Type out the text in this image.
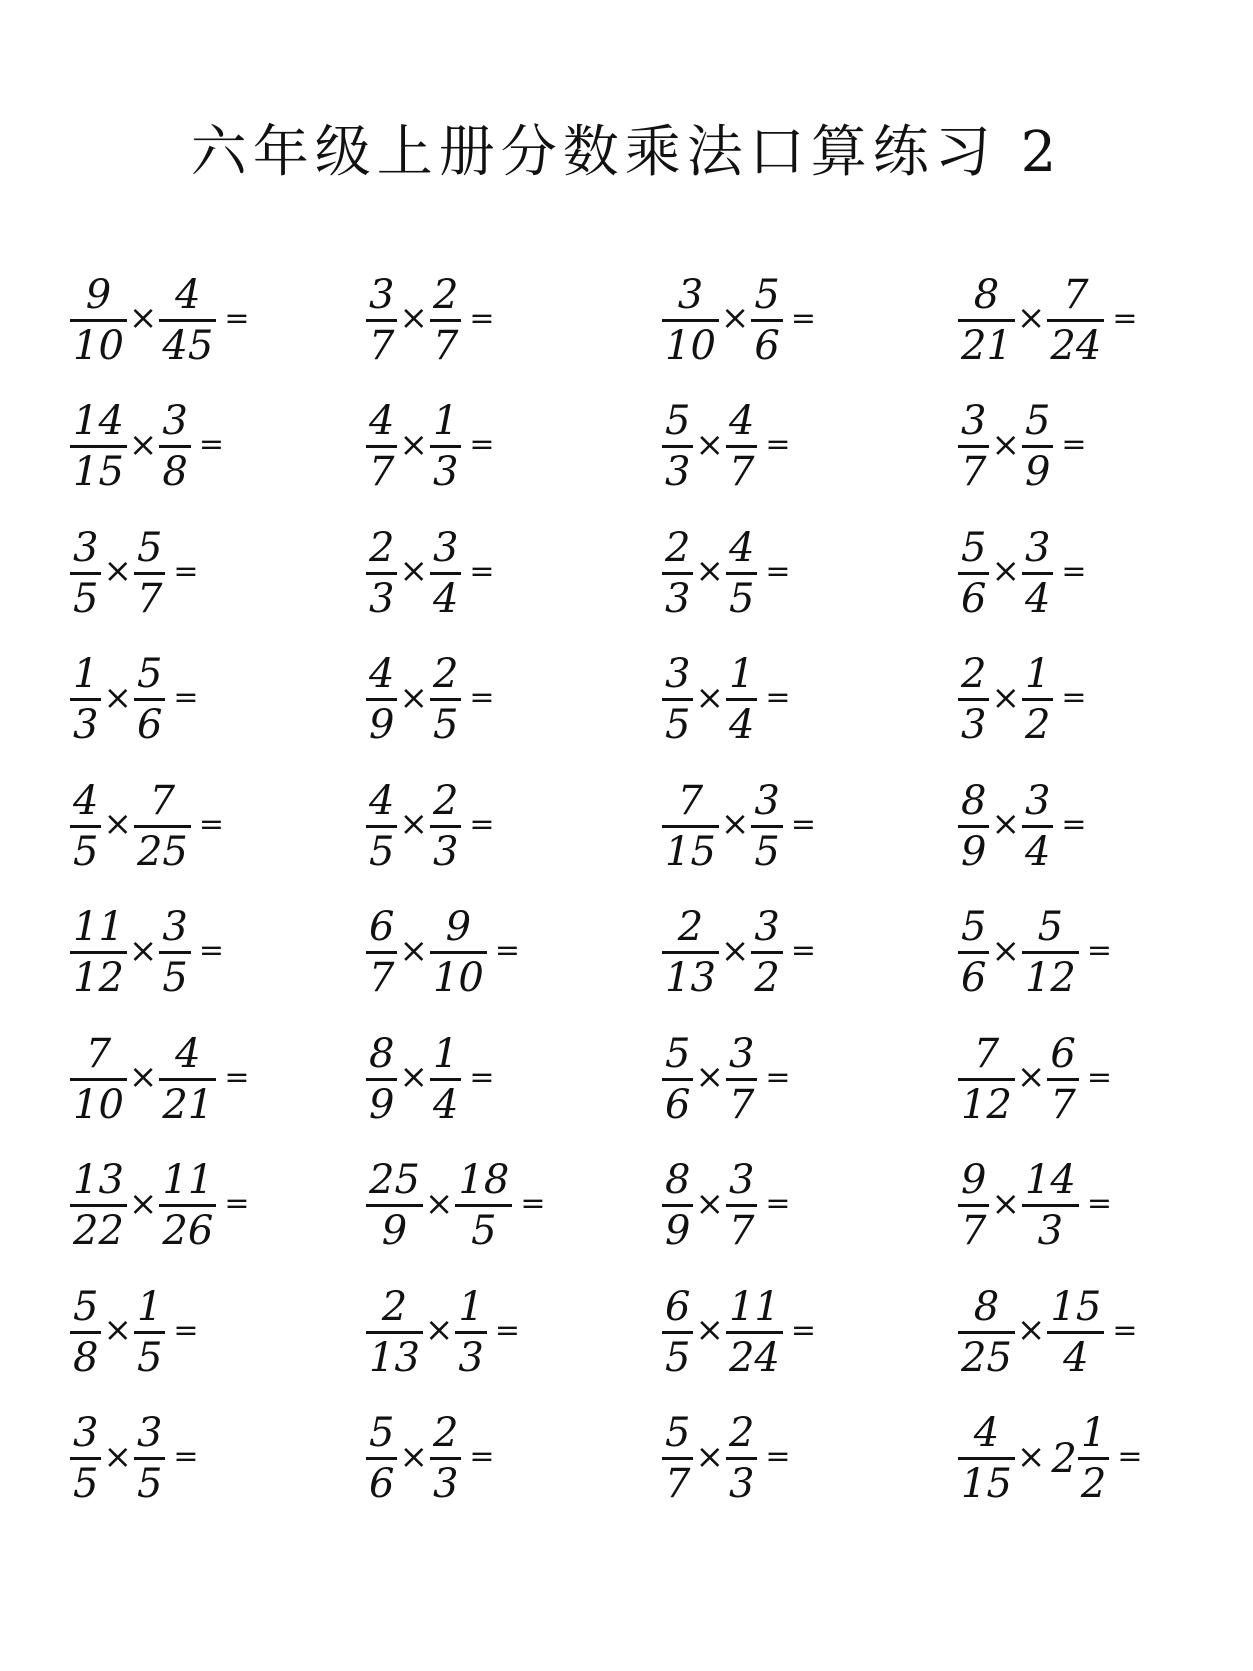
六年级上册分数乘法口算练习 2
$\frac{9}{10} \times \frac{4}{45}$ =	$\frac{3}{7} \times \frac{2}{7}$ =	$\frac{3}{10} \times \frac{5}{6}$ =	$\frac{8}{21} \times \frac{7}{24}$ =
$\frac{14}{15} \times \frac{3}{8}$ =	$\frac{4}{7} \times \frac{1}{3}$ =	$\frac{5}{3} \times \frac{4}{7}$ =	$\frac{3}{7} \times \frac{5}{9}$ =
$\frac{3}{5} \times \frac{5}{7}$ =	$\frac{2}{3} \times \frac{3}{4}$ =	$\frac{2}{3} \times \frac{4}{5}$ =	$\frac{5}{6} \times \frac{3}{4}$ =
$\frac{1}{3} \times \frac{5}{6}$ =	$\frac{4}{9} \times \frac{2}{5}$ =	$\frac{3}{5} \times \frac{1}{4}$ =	$\frac{2}{3} \times \frac{1}{2}$ =
$\frac{4}{5} \times \frac{7}{25}$ =	$\frac{4}{5} \times \frac{2}{3}$ =	$\frac{7}{15} \times \frac{3}{5}$ =	$\frac{8}{9} \times \frac{3}{4}$ =
$\frac{11}{12} \times \frac{3}{5}$ =	$\frac{6}{7} \times \frac{9}{10}$ =	$\frac{2}{13} \times \frac{3}{2}$ =	$\frac{5}{6} \times \frac{5}{12}$ =
$\frac{7}{10} \times \frac{4}{21}$ =	$\frac{8}{9} \times \frac{1}{4}$ =	$\frac{5}{6} \times \frac{3}{7}$ =	$\frac{7}{12} \times \frac{6}{7}$ =
$\frac{13}{22} \times \frac{11}{26}$ =	$\frac{25}{9} \times \frac{18}{5}$ =	$\frac{8}{9} \times \frac{3}{7}$ =	$\frac{9}{7} \times \frac{14}{3}$ =
$\frac{5}{8} \times \frac{1}{5}$ =	$\frac{2}{13} \times \frac{1}{3}$ =	$\frac{6}{5} \times \frac{11}{24}$ =	$\frac{8}{25} \times \frac{15}{4}$ =
$\frac{3}{5} \times \frac{3}{5}$ =	$\frac{5}{6} \times \frac{2}{3}$ =	$\frac{5}{7} \times \frac{2}{3}$ =	$\frac{4}{15} \times 2 \frac{1}{2}$ =
